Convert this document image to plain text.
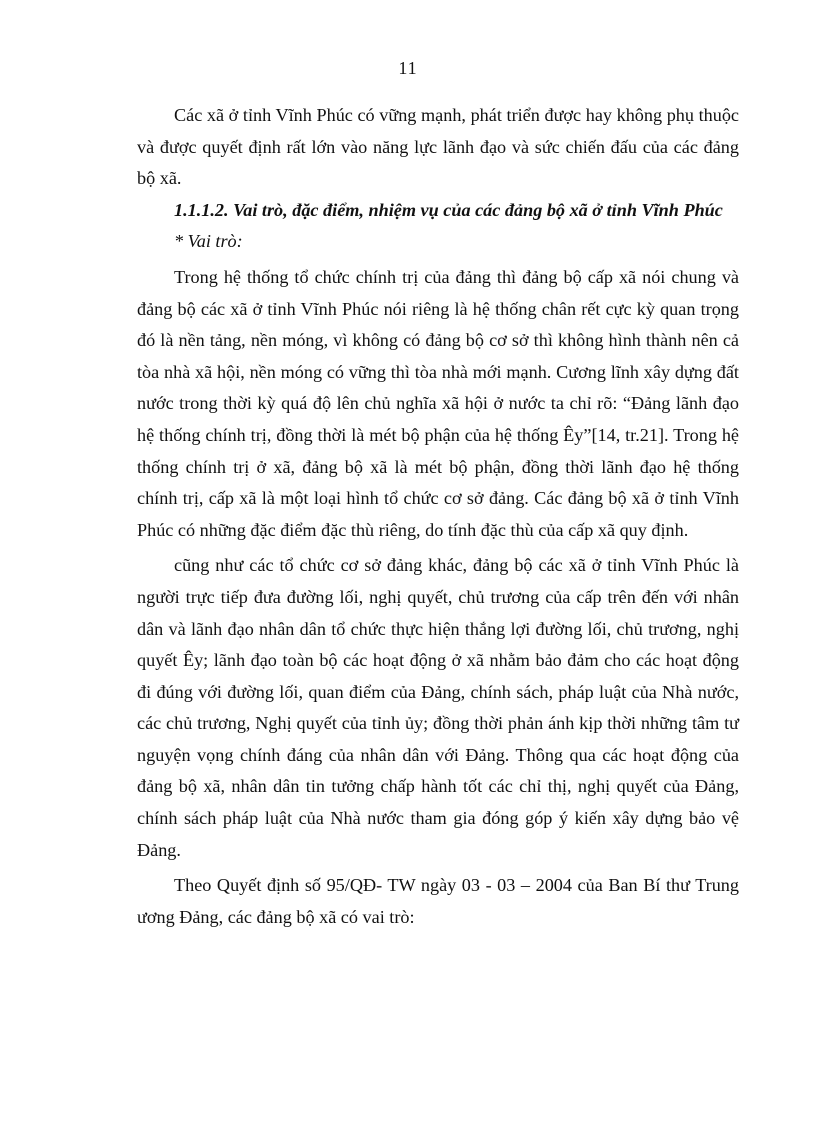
11

Các xã ở tỉnh Vĩnh Phúc có vững mạnh, phát triển được hay không phụ thuộc và được quyết định rất lớn vào năng lực lãnh đạo và sức chiến đấu của các đảng bộ xã.

1.1.1.2. Vai trò, đặc điểm, nhiệm vụ của các đảng bộ xã ở tỉnh Vĩnh Phúc
* Vai trò:

Trong hệ thống tổ chức chính trị của đảng thì đảng bộ cấp xã nói chung và đảng bộ các xã ở tỉnh Vĩnh Phúc nói riêng là hệ thống chân rết cực kỳ quan trọng đó là nền tảng, nền móng, vì không có đảng bộ cơ sở thì không hình thành nên cả tòa nhà xã hội, nền móng có vững thì tòa nhà mới mạnh. Cương lĩnh xây dựng đất nước trong thời kỳ quá độ lên chủ nghĩa xã hội ở nước ta chỉ rõ: “Đảng lãnh đạo hệ thống chính trị, đồng thời là mét bộ phận của hệ thống Êy”[14, tr.21]. Trong hệ thống chính trị ở xã, đảng bộ xã là mét bộ phận, đồng thời lãnh đạo hệ thống chính trị, cấp xã là một loại hình tổ chức cơ sở đảng. Các đảng bộ xã ở tỉnh Vĩnh Phúc có những đặc điểm đặc thù riêng, do tính đặc thù của cấp xã quy định.

cũng như các tổ chức cơ sở đảng khác, đảng bộ các xã ở tỉnh Vĩnh Phúc là người trực tiếp đưa đường lối, nghị quyết, chủ trương của cấp trên đến với nhân dân và lãnh đạo nhân dân tổ chức thực hiện thắng lợi đường lối, chủ trương, nghị quyết Êy; lãnh đạo toàn bộ các hoạt động ở xã nhằm bảo đảm cho các hoạt động đi đúng với đường lối, quan điểm của Đảng, chính sách, pháp luật của Nhà nước, các chủ trương, Nghị quyết của tỉnh ủy; đồng thời phản ánh kịp thời những tâm tư nguyện vọng chính đáng của nhân dân với Đảng. Thông qua các hoạt động của đảng bộ xã, nhân dân tin tưởng chấp hành tốt các chỉ thị, nghị quyết của Đảng, chính sách pháp luật của Nhà nước tham gia đóng góp ý kiến xây dựng bảo vệ Đảng.

Theo Quyết định số 95/QĐ- TW ngày 03 - 03 – 2004 của Ban Bí thư Trung ương Đảng, các đảng bộ xã có vai trò:
